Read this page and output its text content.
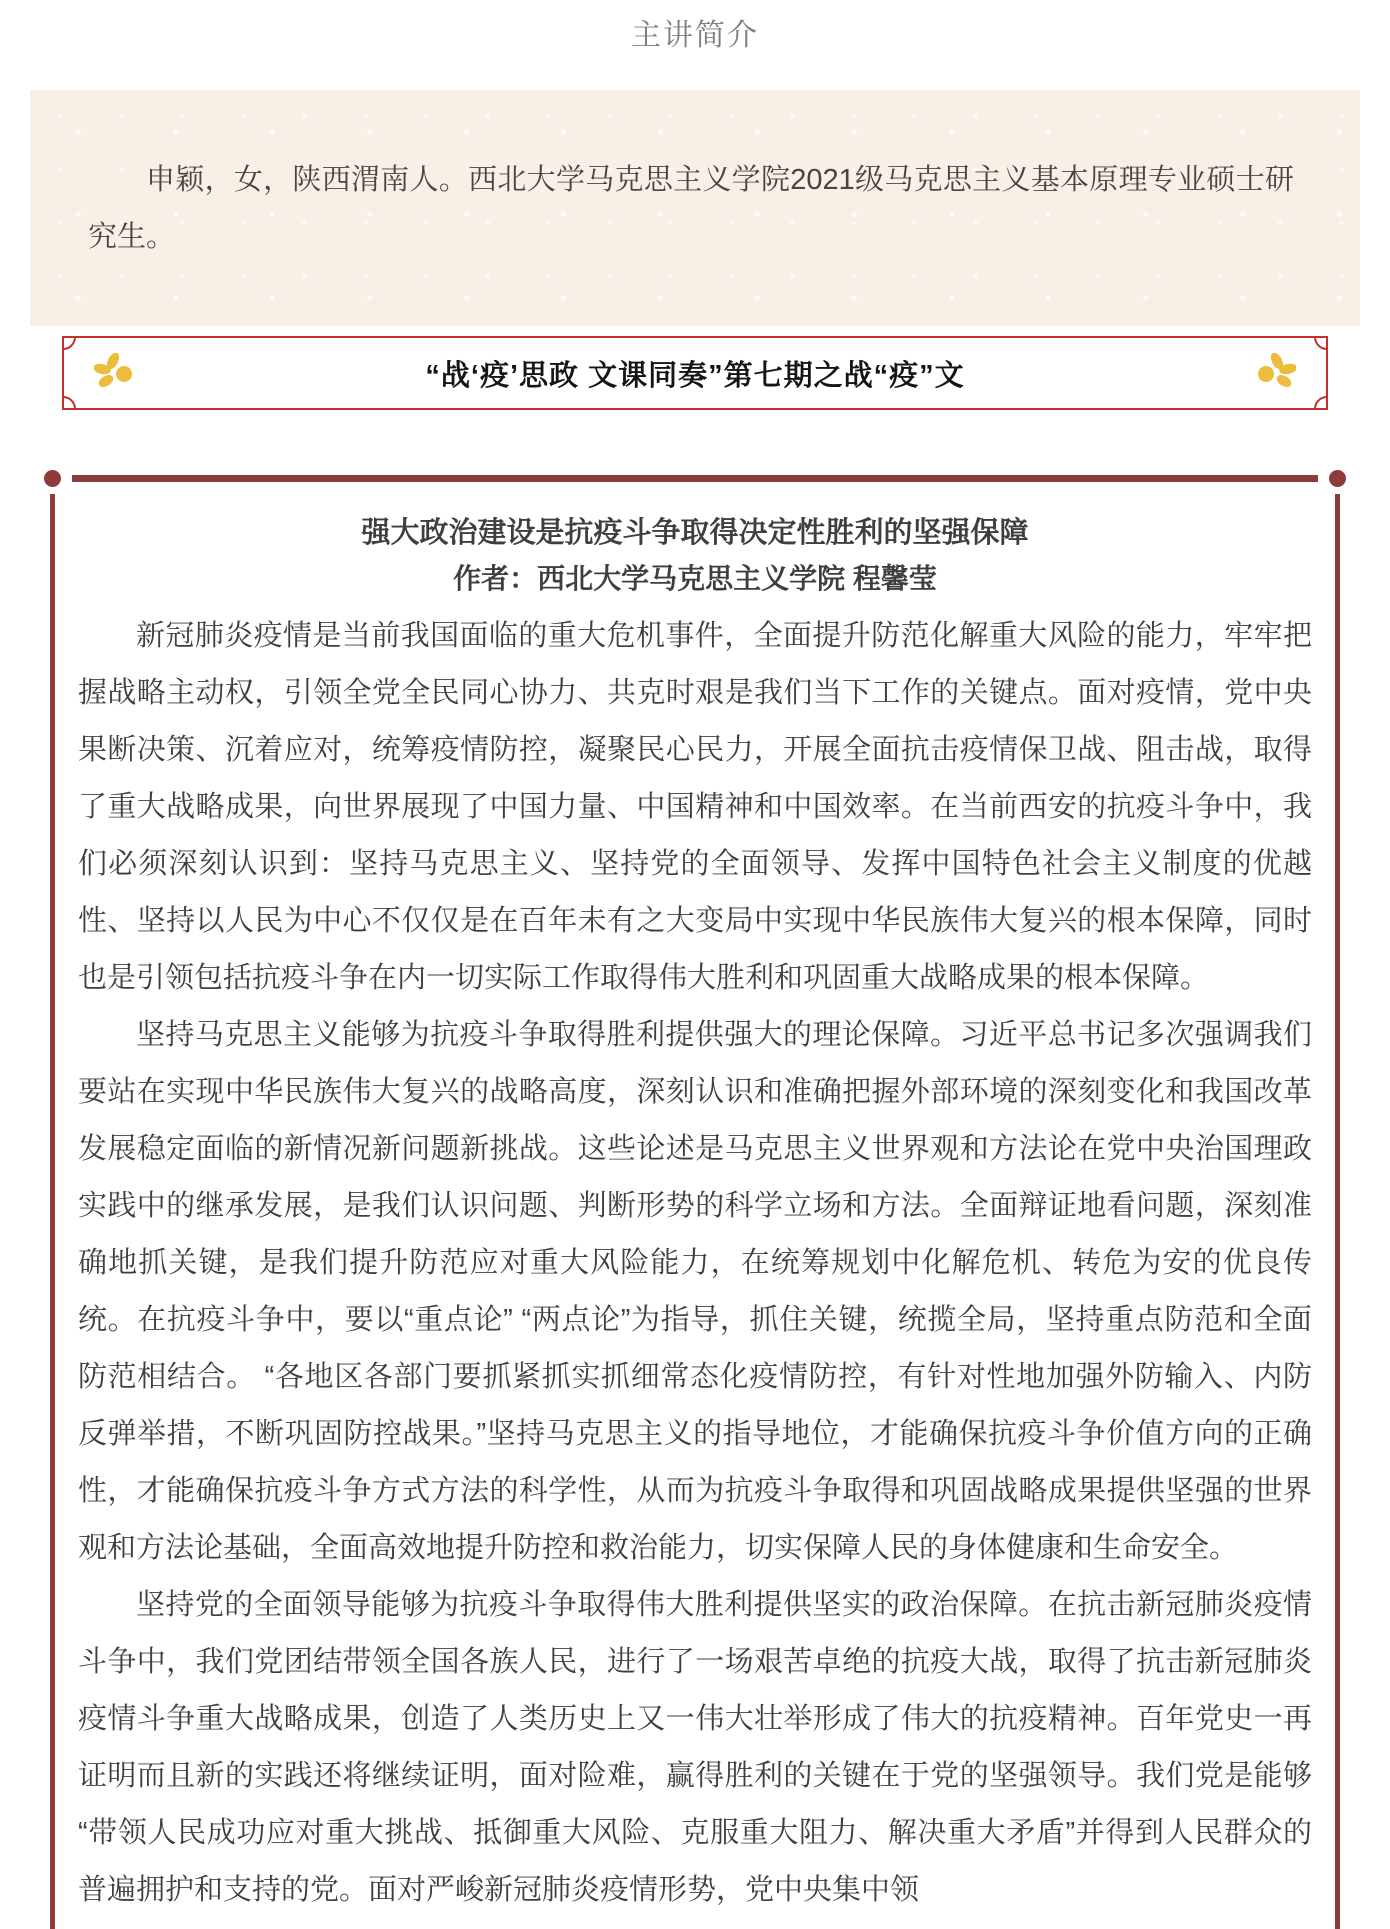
主讲简介

申颖，女，陕西渭南人。西北大学马克思主义学院2021级马克思主义基本原理专业硕士研究生。

“战‘疫’思政 文课同奏”第七期之战“疫”文
强大政治建设是抗疫斗争取得决定性胜利的坚强保障
作者：西北大学马克思主义学院 程馨莹

新冠肺炎疫情是当前我国面临的重大危机事件，全面提升防范化解重大风险的能力，牢牢把握战略主动权，引领全党全民同心协力、共克时艰是我们当下工作的关键点。面对疫情，党中央果断决策、沉着应对，统筹疫情防控，凝聚民心民力，开展全面抗击疫情保卫战、阻击战，取得了重大战略成果，向世界展现了中国力量、中国精神和中国效率。在当前西安的抗疫斗争中，我们必须深刻认识到：坚持马克思主义、坚持党的全面领导、发挥中国特色社会主义制度的优越性、坚持以人民为中心不仅仅是在百年未有之大变局中实现中华民族伟大复兴的根本保障，同时也是引领包括抗疫斗争在内一切实际工作取得伟大胜利和巩固重大战略成果的根本保障。

坚持马克思主义能够为抗疫斗争取得胜利提供强大的理论保障。习近平总书记多次强调我们要站在实现中华民族伟大复兴的战略高度，深刻认识和准确把握外部环境的深刻变化和我国改革发展稳定面临的新情况新问题新挑战。这些论述是马克思主义世界观和方法论在党中央治国理政实践中的继承发展，是我们认识问题、判断形势的科学立场和方法。全面辩证地看问题，深刻准确地抓关键，是我们提升防范应对重大风险能力，在统筹规划中化解危机、转危为安的优良传统。在抗疫斗争中，要以“重点论” “两点论”为指导，抓住关键，统揽全局，坚持重点防范和全面防范相结合。 “各地区各部门要抓紧抓实抓细常态化疫情防控，有针对性地加强外防输入、内防反弹举措，不断巩固防控战果。”坚持马克思主义的指导地位，才能确保抗疫斗争价值方向的正确性，才能确保抗疫斗争方式方法的科学性，从而为抗疫斗争取得和巩固战略成果提供坚强的世界观和方法论基础，全面高效地提升防控和救治能力，切实保障人民的身体健康和生命安全。

坚持党的全面领导能够为抗疫斗争取得伟大胜利提供坚实的政治保障。在抗击新冠肺炎疫情斗争中，我们党团结带领全国各族人民，进行了一场艰苦卓绝的抗疫大战，取得了抗击新冠肺炎疫情斗争重大战略成果，创造了人类历史上又一伟大壮举形成了伟大的抗疫精神。百年党史一再证明而且新的实践还将继续证明，面对险难，赢得胜利的关键在于党的坚强领导。我们党是能够“带领人民成功应对重大挑战、抵御重大风险、克服重大阻力、解决重大矛盾”并得到人民群众的普遍拥护和支持的党。面对严峻新冠肺炎疫情形势，党中央集中领
